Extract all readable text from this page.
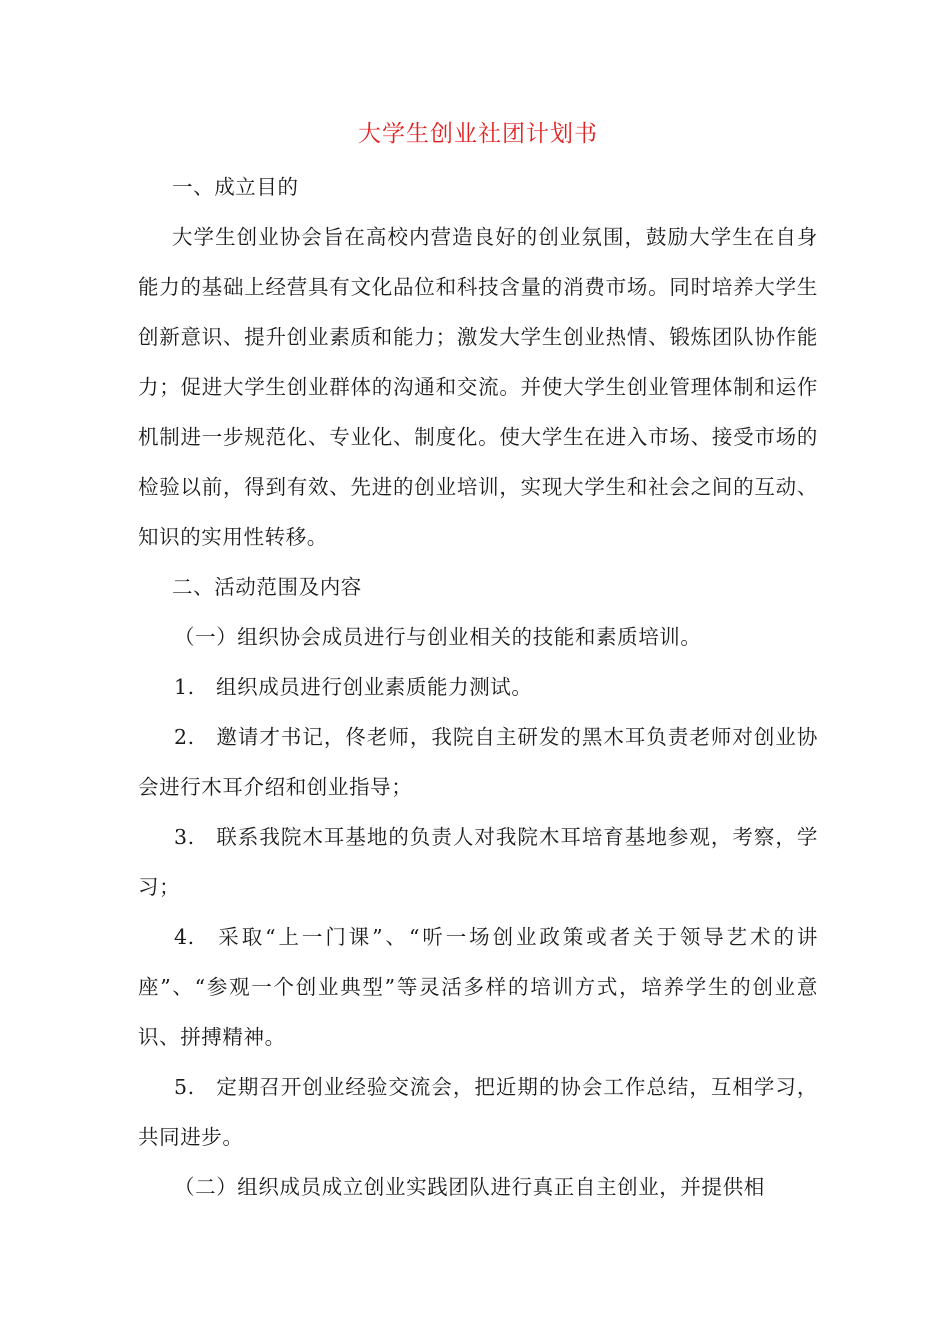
大学生创业社团计划书

一、成立目的

大学生创业协会旨在高校内营造良好的创业氛围，鼓励大学生在自身能力的基础上经营具有文化品位和科技含量的消费市场。同时培养大学生创新意识、提升创业素质和能力；激发大学生创业热情、锻炼团队协作能力；促进大学生创业群体的沟通和交流。并使大学生创业管理体制和运作机制进一步规范化、专业化、制度化。使大学生在进入市场、接受市场的检验以前，得到有效、先进的创业培训，实现大学生和社会之间的互动、知识的实用性转移。

二、活动范围及内容

（一）组织协会成员进行与创业相关的技能和素质培训。

1. 组织成员进行创业素质能力测试。

2. 邀请才书记，佟老师，我院自主研发的黑木耳负责老师对创业协会进行木耳介绍和创业指导；

3. 联系我院木耳基地的负责人对我院木耳培育基地参观，考察，学习；

4. 采取“上一门课”、“听一场创业政策或者关于领导艺术的讲座”、“参观一个创业典型”等灵活多样的培训方式，培养学生的创业意识、拼搏精神。

5. 定期召开创业经验交流会，把近期的协会工作总结，互相学习，共同进步。

（二）组织成员成立创业实践团队进行真正自主创业，并提供相
